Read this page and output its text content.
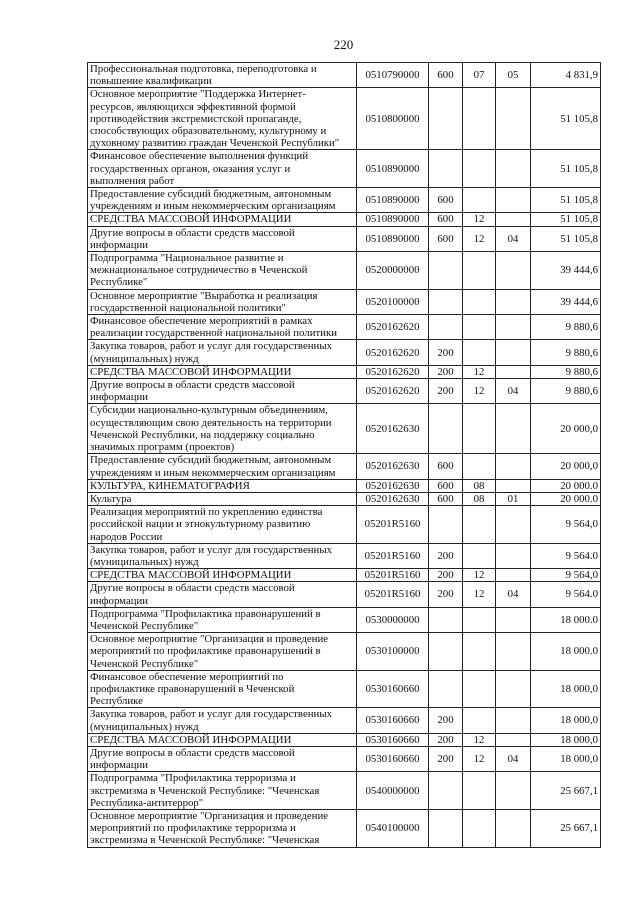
220
Профессиональная подготовка, переподготовка и
повышение квалификации	0510790000	600	07	05	4 831,9
Основное мероприятие "Поддержка Интернет-
ресурсов, являющихся эффективной формой
противодействия экстремистской пропаганде,
способствующих образовательному, культурному и
духовному развитию граждан Чеченской Республики"	0510800000				51 105,8
Финансовое обеспечение выполнения функций
государственных органов, оказания услуг и
выполнения работ	0510890000				51 105,8
Предоставление субсидий бюджетным, автономным
учреждениям и иным некоммерческим организациям	0510890000	600			51 105,8
СРЕДСТВА МАССОВОЙ ИНФОРМАЦИИ	0510890000	600	12		51 105,8
Другие вопросы в области средств массовой
информации	0510890000	600	12	04	51 105,8
Подпрограмма "Национальное развитие и
межнациональное сотрудничество в Чеченской
Республике"	0520000000				39 444,6
Основное мероприятие "Выработка и реализация
государственной национальной политики"	0520100000				39 444,6
Финансовое обеспечение мероприятий в рамках
реализации государственной национальной политики	0520162620				9 880,6
Закупка товаров, работ и услуг для государственных
(муниципальных) нужд	0520162620	200			9 880,6
СРЕДСТВА МАССОВОЙ ИНФОРМАЦИИ	0520162620	200	12		9 880,6
Другие вопросы в области средств массовой
информации	0520162620	200	12	04	9 880,6
Субсидии национально-культурным объединениям,
осуществляющим свою деятельность на территории
Чеченской Республики, на поддержку социально
значимых программ (проектов)	0520162630				20 000,0
Предоставление субсидий бюджетным, автономным
учреждениям и иным некоммерческим организациям	0520162630	600			20 000,0
КУЛЬТУРА, КИНЕМАТОГРАФИЯ	0520162630	600	08		20 000.0
Культура	0520162630	600	08	01	20 000.0
Реализация мероприятий по укреплению единства
российской нации и этнокультурному развитию
народов России	05201R5160				9 564,0
Закупка товаров, работ и услуг для государственных
(муниципальных) нужд	05201R5160	200			9 564.0
СРЕДСТВА МАССОВОЙ ИНФОРМАЦИИ	05201R5160	200	12		9 564,0
Другие вопросы в области средств массовой
информации	05201R5160	200	12	04	9 564.0
Подпрограмма "Профилактика правонарушений в
Чеченской Республике"	0530000000				18 000.0
Основное мероприятие "Организация и проведение
мероприятий по профилактике правонарушений в
Чеченской Республике"	0530100000				18 000.0
Финансовое обеспечение мероприятий по
профилактике правонарушений в Чеченской
Республике	0530160660				18 000,0
Закупка товаров, работ и услуг для государственных
(муниципальных) нужд	0530160660	200			18 000,0
СРЕДСТВА МАССОВОЙ ИНФОРМАЦИИ	0530160660	200	12		18 000,0
Другие вопросы в области средств массовой
информации	0530160660	200	12	04	18 000,0
Подпрограмма "Профилактика терроризма и
экстремизма в Чеченской Республике: "Чеченская
Республика-антитеррор"	0540000000				25 667,1
Основное мероприятие "Организация и проведение
мероприятий по профилактике терроризма и
экстремизма в Чеченской Республике: "Чеченская	0540100000				25 667,1
